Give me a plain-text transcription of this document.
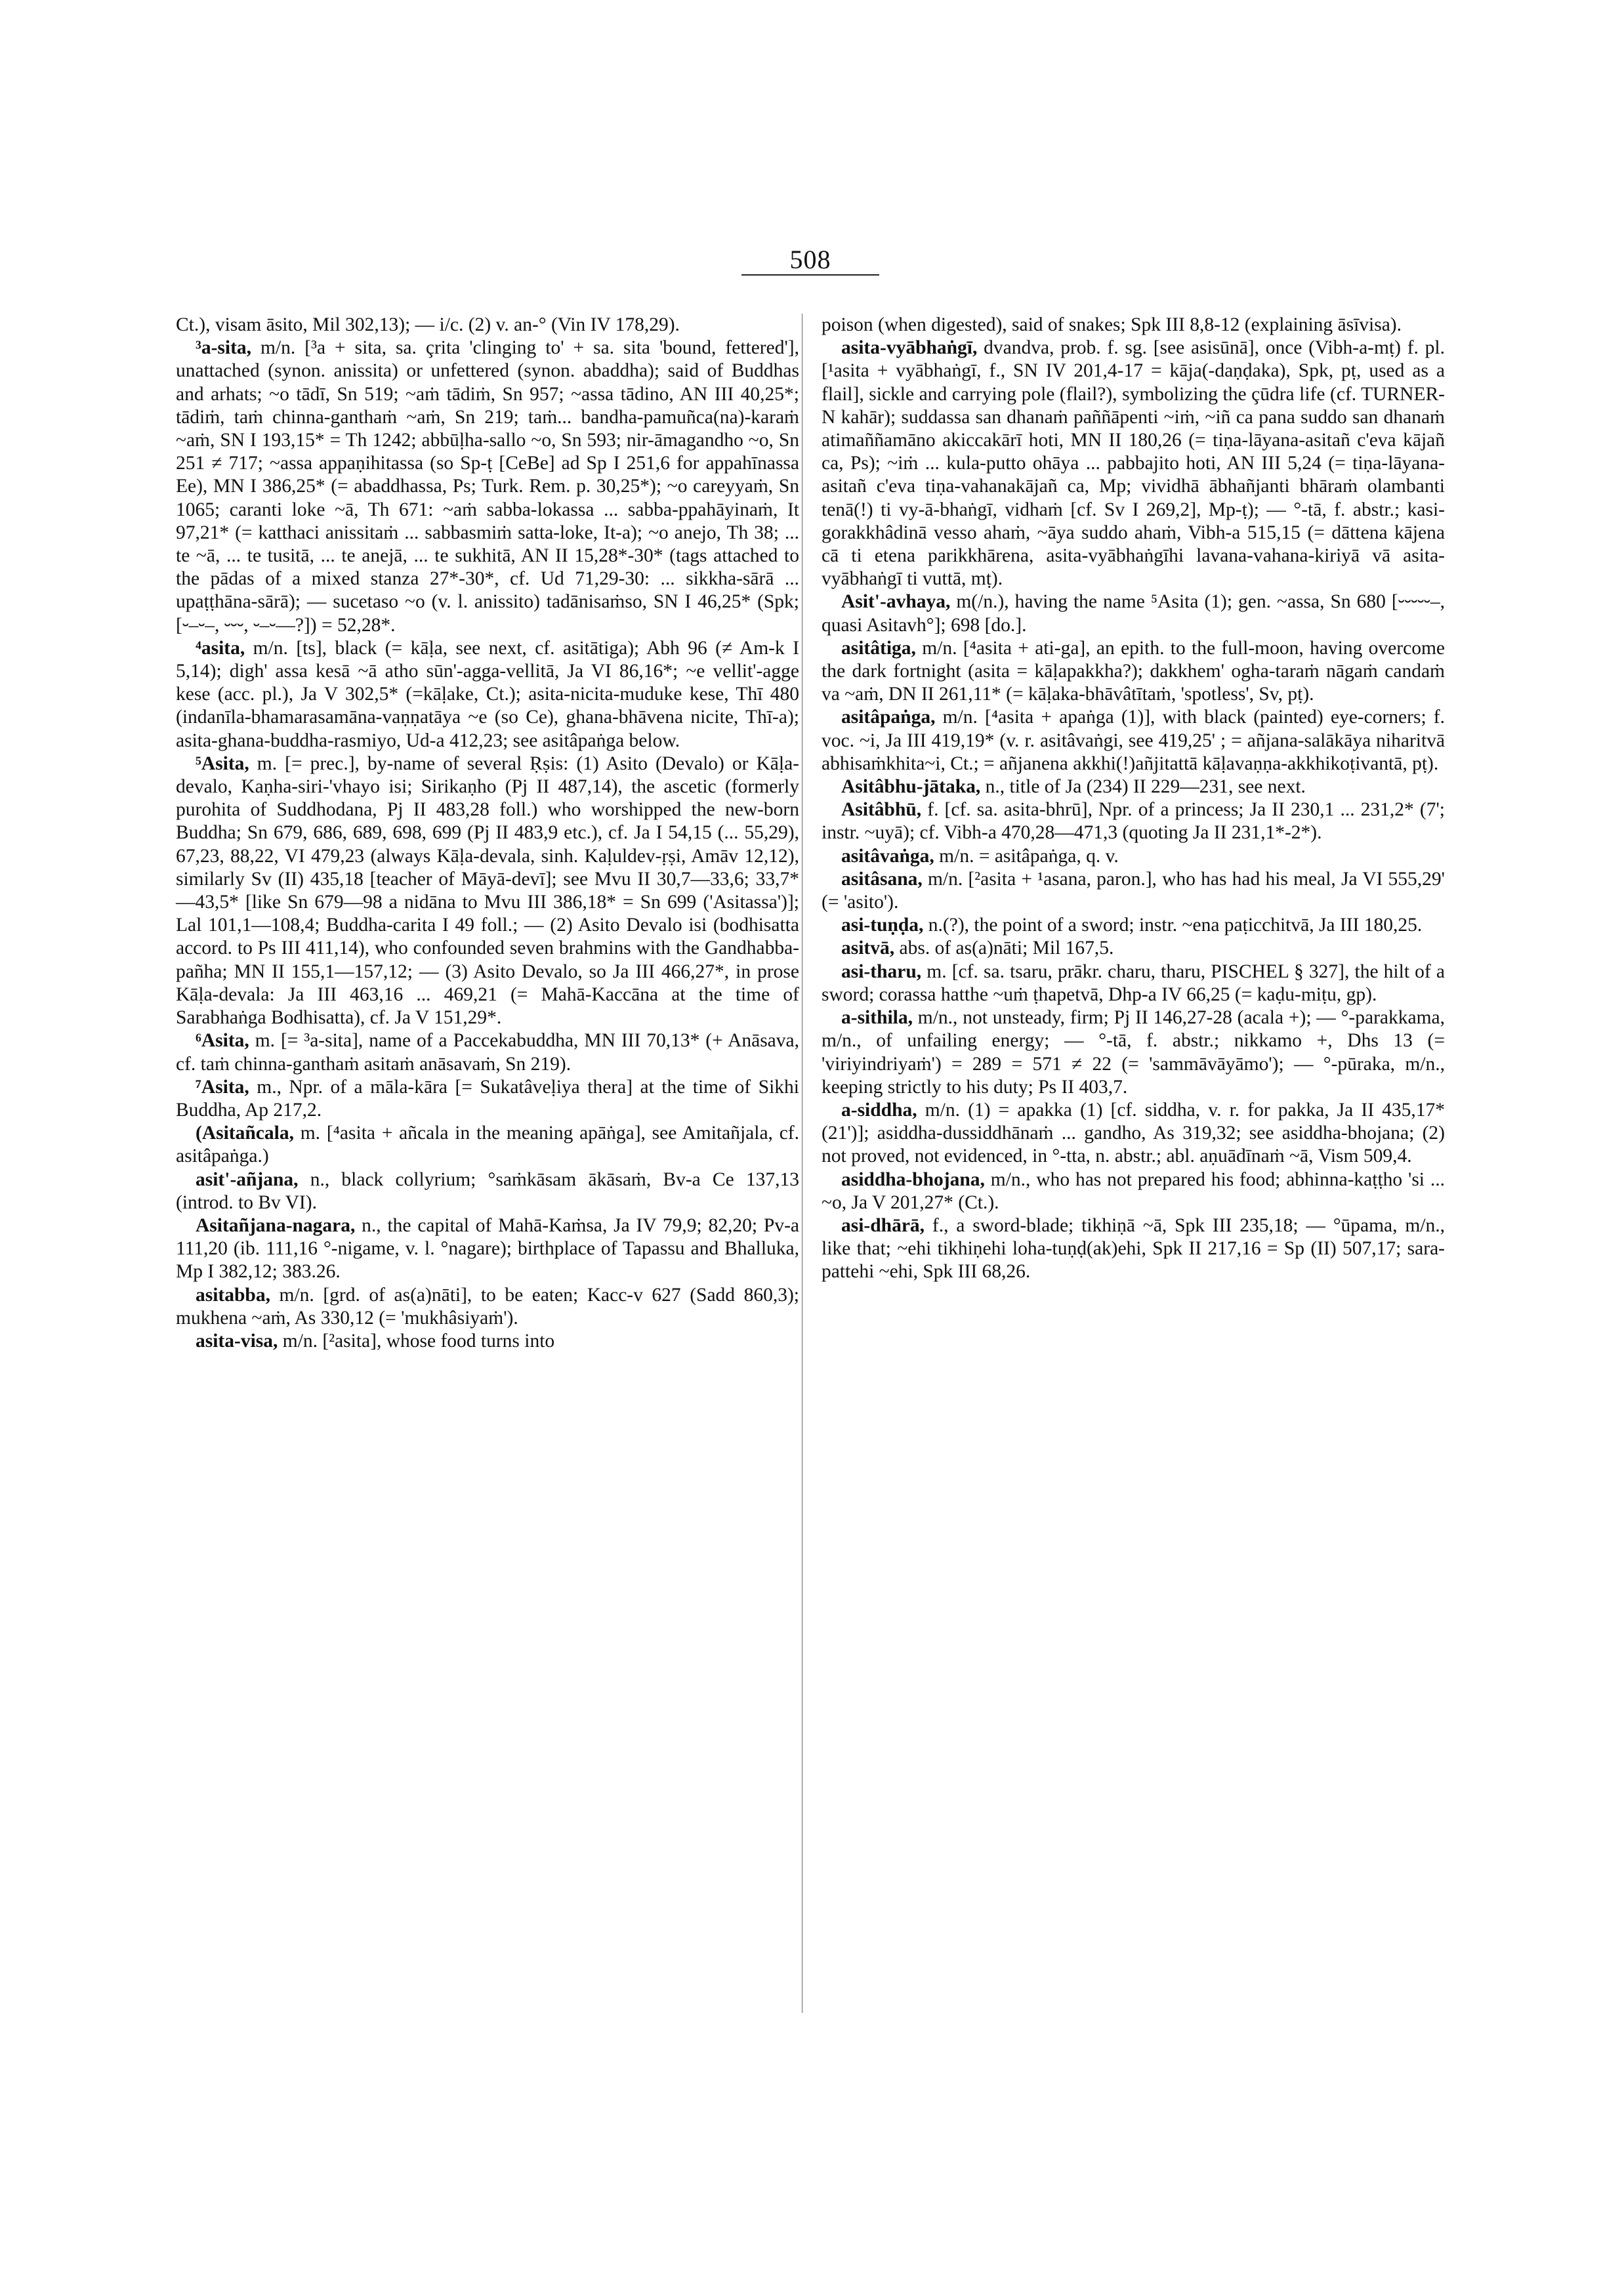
508

Ct.), visam āsito, Mil 302,13); — i/c. (2) v. an-° (Vin IV 178,29).

³a-sita, m/n. [³a + sita, sa. çrita 'clinging to' + sa. sita 'bound, fettered'], unattached (synon. anissita) or unfettered (synon. abaddha); said of Buddhas and arhats; ~o tādī, Sn 519; ~aṁ tādiṁ, Sn 957; ~assa tādino, AN III 40,25*; tādiṁ, taṁ chinna-ganthaṁ ~aṁ, Sn 219; taṁ... bandha-pamuñca(na)-karaṁ ~aṁ, SN I 193,15* = Th 1242; abbūḷha-sallo ~o, Sn 593; nir-āmagandho ~o, Sn 251 ≠ 717; ~assa appaṇihitassa (so Sp-ṭ [CeBe] ad Sp I 251,6 for appahīnassa Ee), MN I 386,25* (= abaddhassa, Ps; Turk. Rem. p. 30,25*); ~o careyyaṁ, Sn 1065; caranti loke ~ā, Th 671: ~aṁ sabba-lokassa ... sabba-ppahāyinaṁ, It 97,21* (= katthaci anissitaṁ ... sabbasmiṁ satta-loke, It-a); ~o anejo, Th 38; ... te ~ā, ... te tusitā, ... te anejā, ... te sukhitā, AN II 15,28*-30* (tags attached to the pādas of a mixed stanza 27*-30*, cf. Ud 71,29-30: ... sikkha-sārā ... upaṭṭhāna-sārā); — sucetaso ~o (v. l. anissito) tadānisaṁso, SN I 46,25* (Spk; [⏑–⏑–, ⏑⏑⏑, ⏑–⏑––?]) = 52,28*.

⁴asita, m/n. [ts], black (= kāḷa, see next, cf. asitātiga); Abh 96 (≠ Am-k I 5,14); digh' assa kesā ~ā atho sūn'-agga-vellitā, Ja VI 86,16*; ~e vellit'-agge kese (acc. pl.), Ja V 302,5* (=kāḷake, Ct.); asita-nicita-muduke kese, Thī 480 (indanīla-bhamarasamāna-vaṇṇatāya ~e (so Ce), ghana-bhāvena nicite, Thī-a); asita-ghana-buddha-rasmiyo, Ud-a 412,23; see asitâpaṅga below.

⁵Asita, m. [= prec.], by-name of several Ṛṣis: (1) Asito (Devalo) or Kāḷa-devalo, Kaṇha-siri-'vhayo isi; Sirikaṇho (Pj II 487,14), the ascetic (formerly purohita of Suddhodana, Pj II 483,28 foll.) who worshipped the new-born Buddha; Sn 679, 686, 689, 698, 699 (Pj II 483,9 etc.), cf. Ja I 54,15 (... 55,29), 67,23, 88,22, VI 479,23 (always Kāḷa-devala, sinh. Kaḷuldev-ṛṣi, Amāv 12,12), similarly Sv (II) 435,18 [teacher of Māyā-devī]; see Mvu II 30,7—33,6; 33,7*—43,5* [like Sn 679—98 a nidāna to Mvu III 386,18* = Sn 699 ('Asitassa')]; Lal 101,1—108,4; Buddha-carita I 49 foll.; — (2) Asito Devalo isi (bodhisatta accord. to Ps III 411,14), who confounded seven brahmins with the Gandhabba-pañha; MN II 155,1—157,12; — (3) Asito Devalo, so Ja III 466,27*, in prose Kāḷa-devala: Ja III 463,16 ... 469,21 (= Mahā-Kaccāna at the time of Sarabhaṅga Bodhisatta), cf. Ja V 151,29*.

⁶Asita, m. [= ³a-sita], name of a Paccekabuddha, MN III 70,13* (+ Anāsava, cf. taṁ chinna-ganthaṁ asitaṁ anāsavaṁ, Sn 219).

⁷Asita, m., Npr. of a māla-kāra [= Sukatâveḷiya thera] at the time of Sikhi Buddha, Ap 217,2.

(Asitañcala, m. [⁴asita + añcala in the meaning apāṅga], see Amitañjala, cf. asitâpaṅga.)

asit'-añjana, n., black collyrium; °saṁkāsam ākāsaṁ, Bv-a Ce 137,13 (introd. to Bv VI).

Asitañjana-nagara, n., the capital of Mahā-Kaṁsa, Ja IV 79,9; 82,20; Pv-a 111,20 (ib. 111,16 °-nigame, v. l. °nagare); birthplace of Tapassu and Bhalluka, Mp I 382,12; 383.26.

asitabba, m/n. [grd. of as(a)nāti], to be eaten; Kacc-v 627 (Sadd 860,3); mukhena ~aṁ, As 330,12 (= 'mukhâsiyaṁ').

asita-visa, m/n. [²asita], whose food turns into

poison (when digested), said of snakes; Spk III 8,8-12 (explaining āsīvisa).

asita-vyābhaṅgī, dvandva, prob. f. sg. [see asisūnā], once (Vibh-a-mṭ) f. pl. [¹asita + vyābhaṅgī, f., SN IV 201,4-17 = kāja(-daṇḍaka), Spk, pṭ, used as a flail], sickle and carrying pole (flail?), symbolizing the çūdra life (cf. TURNER-N kahār); suddassa san dhanaṁ paññāpenti ~iṁ, ~iñ ca pana suddo san dhanaṁ atimaññamāno akiccakārī hoti, MN II 180,26 (= tiṇa-lāyana-asitañ c'eva kājañ ca, Ps); ~iṁ ... kula-putto ohāya ... pabbajito hoti, AN III 5,24 (= tiṇa-lāyana-asitañ c'eva tiṇa-vahanakājañ ca, Mp; vividhā ābhañjanti bhāraṁ olambanti tenā(!) ti vy-ā-bhaṅgī, vidhaṁ [cf. Sv I 269,2], Mp-ṭ); — °-tā, f. abstr.; kasi-gorakkhâdinā vesso ahaṁ, ~āya suddo ahaṁ, Vibh-a 515,15 (= dāttena kājena cā ti etena parikkhārena, asita-vyābhaṅgīhi lavana-vahana-kiriyā vā asita-vyābhaṅgī ti vuttā, mṭ).

Asit'-avhaya, m(/n.), having the name ⁵Asita (1); gen. ~assa, Sn 680 [⏑⏑⏑⏑⏑–, quasi Asitavh°]; 698 [do.].

asitâtiga, m/n. [⁴asita + ati-ga], an epith. to the full-moon, having overcome the dark fortnight (asita = kāḷapakkha?); dakkhem' ogha-taraṁ nāgaṁ candaṁ va ~aṁ, DN II 261,11* (= kāḷaka-bhāvâtītaṁ, 'spotless', Sv, pṭ).

asitâpaṅga, m/n. [⁴asita + apaṅga (1)], with black (painted) eye-corners; f. voc. ~i, Ja III 419,19* (v. r. asitâvaṅgi, see 419,25' ; = añjana-salākāya niharitvā abhisaṁkhita~i, Ct.; = añjanena akkhi(!)añjitattā kāḷavaṇṇa-akkhikoṭivantā, pṭ).

Asitâbhu-jātaka, n., title of Ja (234) II 229—231, see next.

Asitâbhū, f. [cf. sa. asita-bhrū], Npr. of a princess; Ja II 230,1 ... 231,2* (7'; instr. ~uyā); cf. Vibh-a 470,28—471,3 (quoting Ja II 231,1*-2*).

asitâvaṅga, m/n. = asitâpaṅga, q. v.

asitâsana, m/n. [²asita + ¹asana, paron.], who has had his meal, Ja VI 555,29' (= 'asito').

asi-tuṇḍa, n.(?), the point of a sword; instr. ~ena paṭicchitvā, Ja III 180,25.

asitvā, abs. of as(a)nāti; Mil 167,5.

asi-tharu, m. [cf. sa. tsaru, prākr. charu, tharu, PISCHEL § 327], the hilt of a sword; corassa hatthe ~uṁ ṭhapetvā, Dhp-a IV 66,25 (= kaḍu-miṭu, gp).

a-sithila, m/n., not unsteady, firm; Pj II 146,27-28 (acala +); — °-parakkama, m/n., of unfailing energy; — °-tā, f. abstr.; nikkamo +, Dhs 13 (= 'viriyindriyaṁ') = 289 = 571 ≠ 22 (= 'sammāvāyāmo'); — °-pūraka, m/n., keeping strictly to his duty; Ps II 403,7.

a-siddha, m/n. (1) = apakka (1) [cf. siddha, v. r. for pakka, Ja II 435,17*(21')]; asiddha-dussiddhānaṁ ... gandho, As 319,32; see asiddha-bhojana; (2) not proved, not evidenced, in °-tta, n. abstr.; abl. aṇuādīnaṁ ~ā, Vism 509,4.

asiddha-bhojana, m/n., who has not prepared his food; abhinna-kaṭṭho 'si ... ~o, Ja V 201,27* (Ct.).

asi-dhārā, f., a sword-blade; tikhiṇā ~ā, Spk III 235,18; — °ūpama, m/n., like that; ~ehi tikhiṇehi loha-tuṇḍ(ak)ehi, Spk II 217,16 = Sp (II) 507,17; sara-pattehi ~ehi, Spk III 68,26.
